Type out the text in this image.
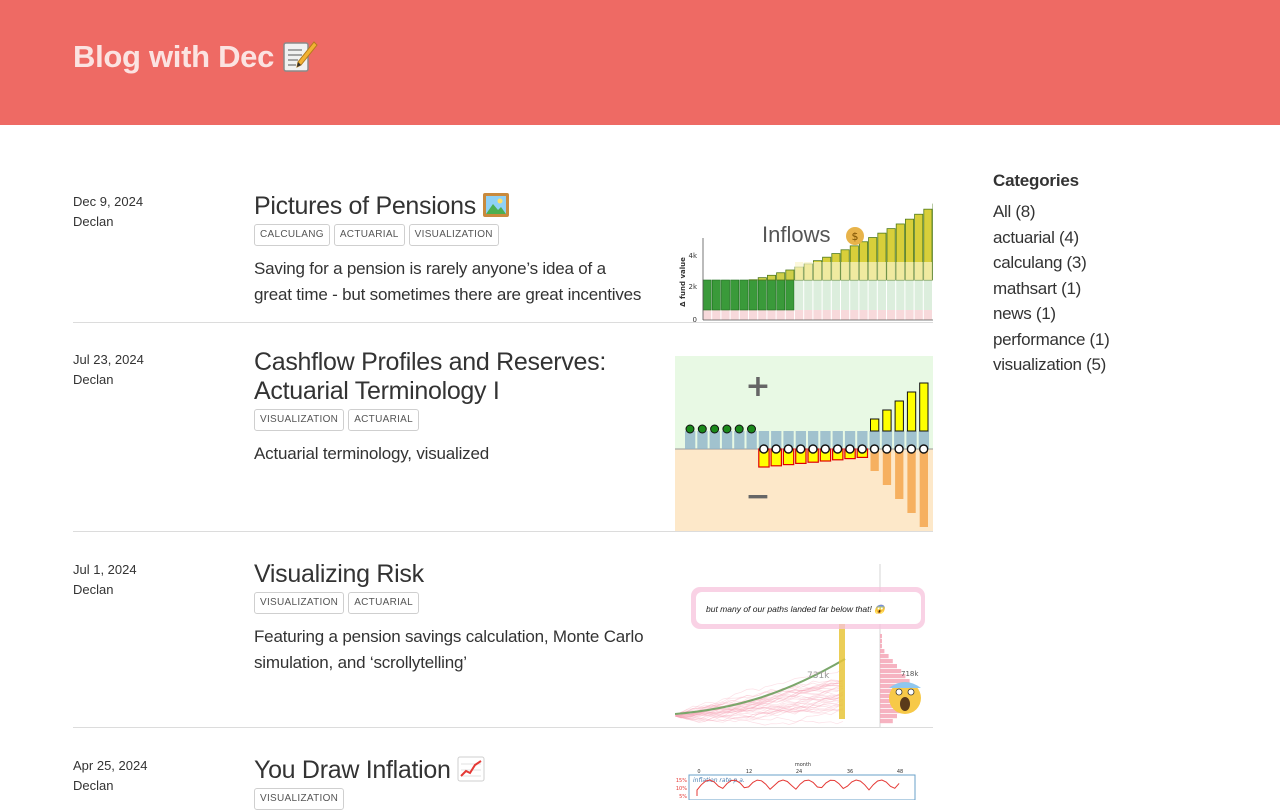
Blog with Dec
Dec 9, 2024
Declan
Pictures of Pensions
CALCULANG	ACTUARIAL	VISUALIZATION
Saving for a pension is rarely anyone’s idea of a great time - but sometimes there are great incentives
Inflows $
4k
2k
0
Δ fund value
Jul 23, 2024
Declan
Cashflow Profiles and Reserves: Actuarial Terminology I
VISUALIZATION	ACTUARIAL
Actuarial terminology, visualized
+
−
Jul 1, 2024
Declan
Visualizing Risk
VISUALIZATION	ACTUARIAL
Featuring a pension savings calculation, Monte Carlo simulation, and ‘scrollytelling’
731k	718k
but many of our paths landed far below that! 😱
Apr 25, 2024
Declan
You Draw Inflation
VISUALIZATION
month
0	12	24	36	48
inflation rate p.a.
15%
10%
5%
Categories
All (8)
actuarial (4)
calculang (3)
mathsart (1)
news (1)
performance (1)
visualization (5)
